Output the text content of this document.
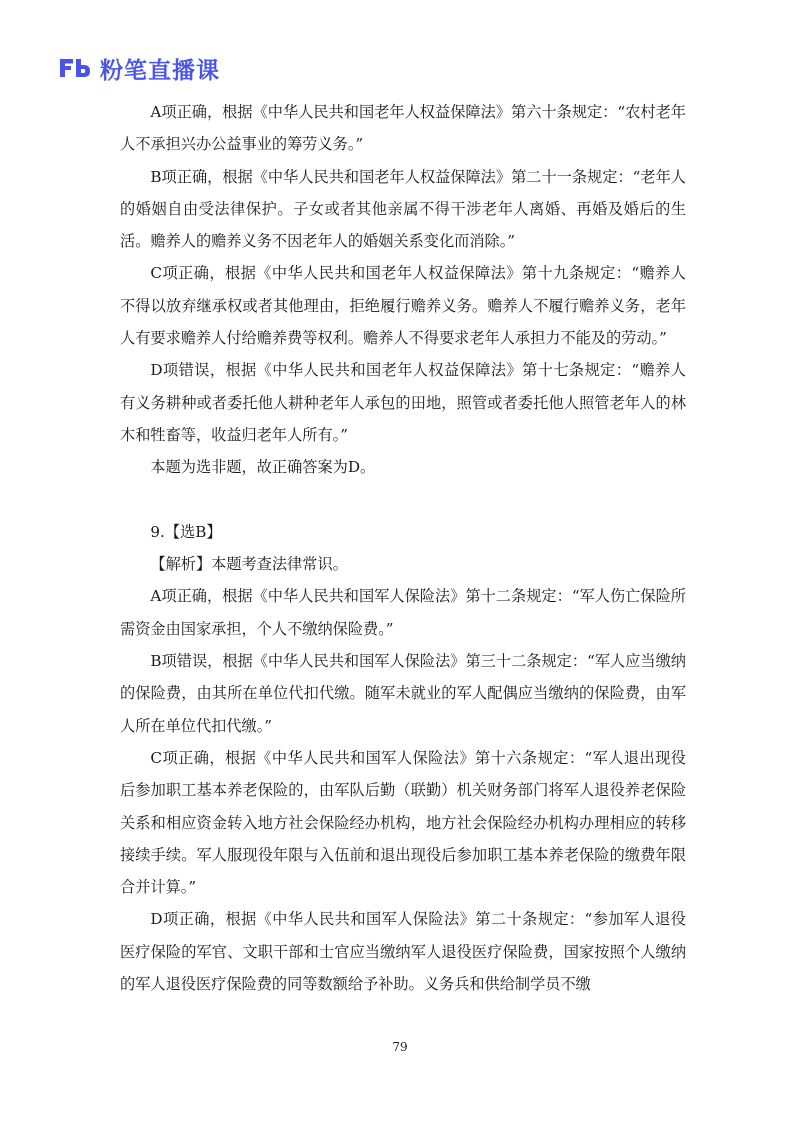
粉笔直播课

A项正确，根据《中华人民共和国老年人权益保障法》第六十条规定：“农村老年人不承担兴办公益事业的筹劳义务。”

B项正确，根据《中华人民共和国老年人权益保障法》第二十一条规定：“老年人的婚姻自由受法律保护。子女或者其他亲属不得干涉老年人离婚、再婚及婚后的生活。赡养人的赡养义务不因老年人的婚姻关系变化而消除。”

C项正确，根据《中华人民共和国老年人权益保障法》第十九条规定：“赡养人不得以放弃继承权或者其他理由，拒绝履行赡养义务。赡养人不履行赡养义务，老年人有要求赡养人付给赡养费等权利。赡养人不得要求老年人承担力不能及的劳动。”

D项错误，根据《中华人民共和国老年人权益保障法》第十七条规定：“赡养人有义务耕种或者委托他人耕种老年人承包的田地，照管或者委托他人照管老年人的林木和牲畜等，收益归老年人所有。”

本题为选非题，故正确答案为D。

9.【选B】

【解析】本题考查法律常识。

A项正确，根据《中华人民共和国军人保险法》第十二条规定：“军人伤亡保险所需资金由国家承担，个人不缴纳保险费。”

B项错误，根据《中华人民共和国军人保险法》第三十二条规定：“军人应当缴纳的保险费，由其所在单位代扣代缴。随军未就业的军人配偶应当缴纳的保险费，由军人所在单位代扣代缴。”

C项正确，根据《中华人民共和国军人保险法》第十六条规定：“军人退出现役后参加职工基本养老保险的，由军队后勤（联勤）机关财务部门将军人退役养老保险关系和相应资金转入地方社会保险经办机构，地方社会保险经办机构办理相应的转移接续手续。军人服现役年限与入伍前和退出现役后参加职工基本养老保险的缴费年限合并计算。”

D项正确，根据《中华人民共和国军人保险法》第二十条规定：“参加军人退役医疗保险的军官、文职干部和士官应当缴纳军人退役医疗保险费，国家按照个人缴纳的军人退役医疗保险费的同等数额给予补助。义务兵和供给制学员不缴

79
